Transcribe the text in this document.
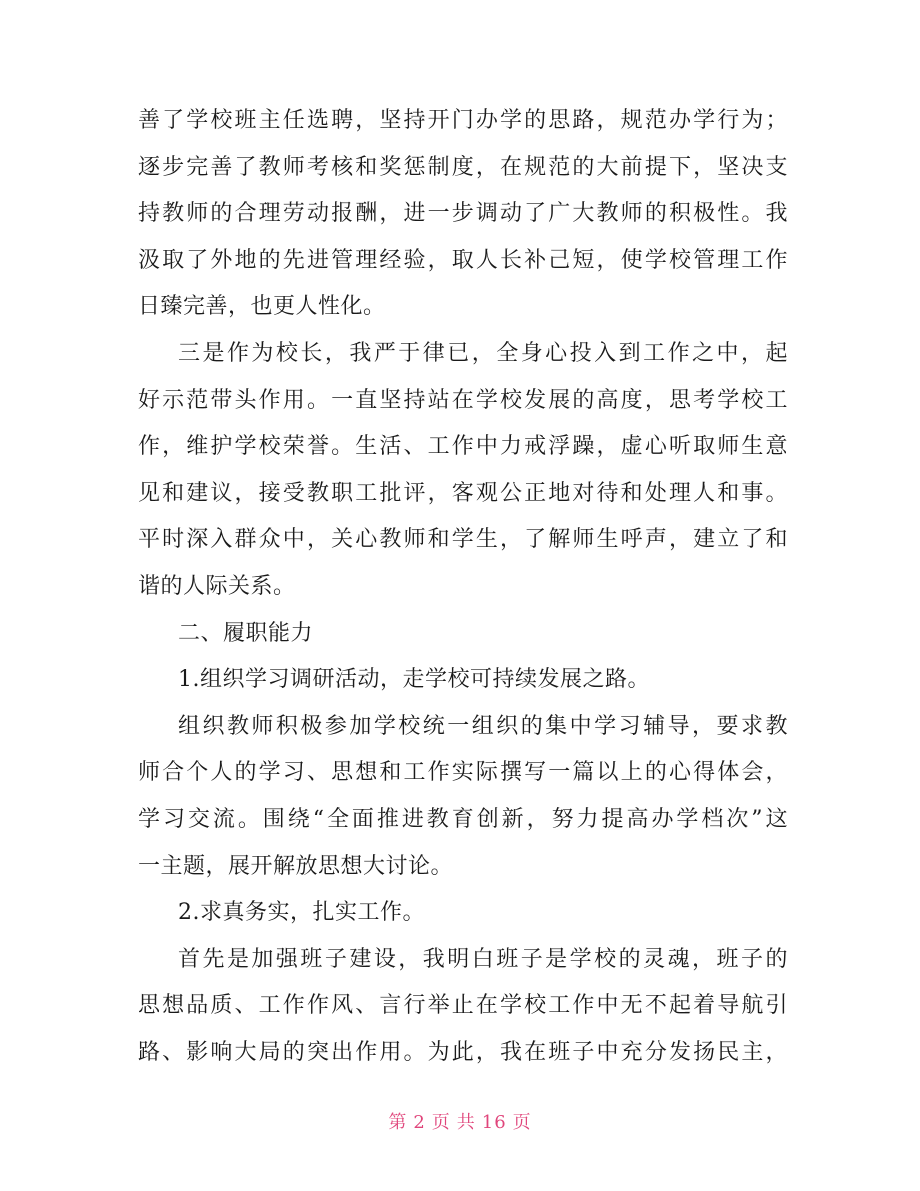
善了学校班主任选聘，坚持开门办学的思路，规范办学行为；
逐步完善了教师考核和奖惩制度，在规范的大前提下，坚决支
持教师的合理劳动报酬，进一步调动了广大教师的积极性。我
汲取了外地的先进管理经验，取人长补己短，使学校管理工作
日臻完善，也更人性化。
三是作为校长，我严于律已，全身心投入到工作之中，起
好示范带头作用。一直坚持站在学校发展的高度，思考学校工
作，维护学校荣誉。生活、工作中力戒浮躁，虚心听取师生意
见和建议，接受教职工批评，客观公正地对待和处理人和事。
平时深入群众中，关心教师和学生，了解师生呼声，建立了和
谐的人际关系。
二、履职能力
1.组织学习调研活动，走学校可持续发展之路。
组织教师积极参加学校统一组织的集中学习辅导，要求教
师合个人的学习、思想和工作实际撰写一篇以上的心得体会，
学习交流。围绕“全面推进教育创新，努力提高办学档次”这
一主题，展开解放思想大讨论。
2.求真务实，扎实工作。
首先是加强班子建设，我明白班子是学校的灵魂，班子的
思想品质、工作作风、言行举止在学校工作中无不起着导航引
路、影响大局的突出作用。为此，我在班子中充分发扬民主，
第 2 页 共 16 页
